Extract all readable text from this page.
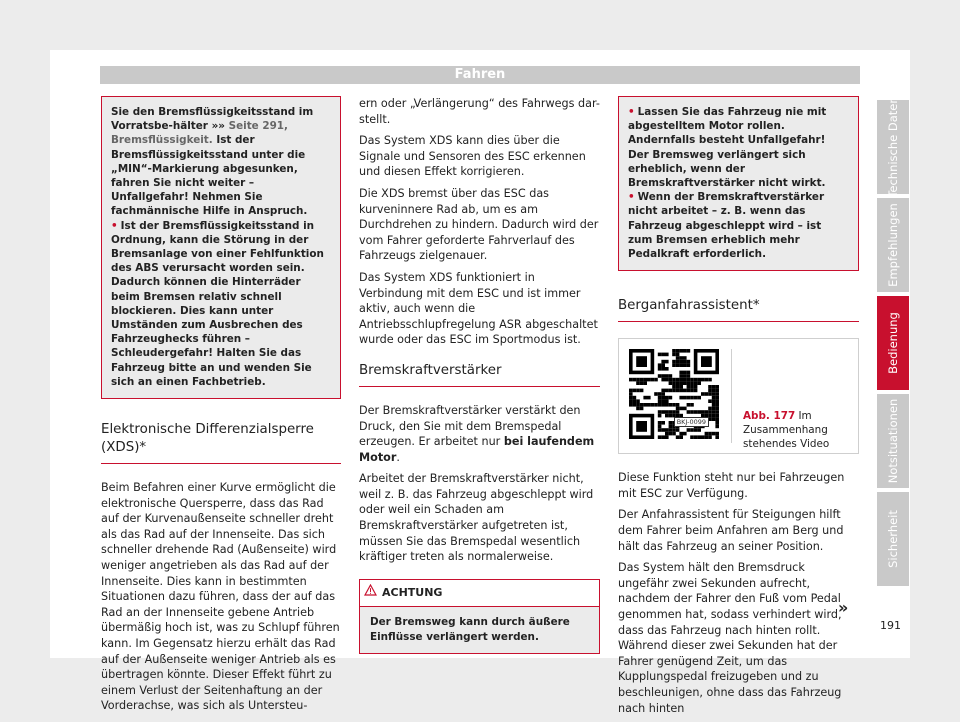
Fahren

Sie den Bremsflüssigkeitsstand im Vorratsbe-hälter »» Seite 291, Bremsflüssigkeit. Ist der Bremsflüssigkeitsstand unter die „MIN“-Markierung abgesunken, fahren Sie nicht weiter – Unfallgefahr! Nehmen Sie fachmännische Hilfe in Anspruch.

• Ist der Bremsflüssigkeitsstand in Ordnung, kann die Störung in der Bremsanlage von einer Fehlfunktion des ABS verursacht worden sein. Dadurch können die Hinterräder beim Bremsen relativ schnell blockieren. Dies kann unter Umständen zum Ausbrechen des Fahrzeughecks führen – Schleudergefahr! Halten Sie das Fahrzeug bitte an und wenden Sie sich an einen Fachbetrieb.

Elektronische Differenzialsperre (XDS)*

Beim Befahren einer Kurve ermöglicht die elektronische Quersperre, dass das Rad auf der Kurvenaußenseite schneller dreht als das Rad auf der Innenseite. Das sich schneller drehende Rad (Außenseite) wird weniger angetrieben als das Rad auf der Innenseite. Dies kann in bestimmten Situationen dazu führen, dass der auf das Rad an der Innenseite gebene Antrieb übermäßig hoch ist, was zu Schlupf führen kann. Im Gegensatz hierzu erhält das Rad auf der Außenseite weniger Antrieb als es übertragen könnte. Dieser Effekt führt zu einem Verlust der Seitenhaftung an der Vorderachse, was sich als Untersteu-

ern oder „Verlängerung“ des Fahrwegs dar-stellt.

Das System XDS kann dies über die Signale und Sensoren des ESC erkennen und diesen Effekt korrigieren.

Die XDS bremst über das ESC das kurveninnere Rad ab, um es am Durchdrehen zu hindern. Dadurch wird der vom Fahrer geforderte Fahrverlauf des Fahrzeugs zielgenauer.

Das System XDS funktioniert in Verbindung mit dem ESC und ist immer aktiv, auch wenn die Antriebsschlupfregelung ASR abgeschaltet wurde oder das ESC im Sportmodus ist.

Bremskraftverstärker

Der Bremskraftverstärker verstärkt den Druck, den Sie mit dem Bremspedal erzeugen. Er arbeitet nur bei laufendem Motor.

Arbeitet der Bremskraftverstärker nicht, weil z. B. das Fahrzeug abgeschleppt wird oder weil ein Schaden am Bremskraftverstärker aufgetreten ist, müssen Sie das Bremspedal wesentlich kräftiger treten als normalerweise.

ACHTUNG
Der Bremsweg kann durch äußere Einflüsse verlängert werden.

• Lassen Sie das Fahrzeug nie mit abgestelltem Motor rollen. Andernfalls besteht Unfallgefahr! Der Bremsweg verlängert sich erheblich, wenn der Bremskraftverstärker nicht wirkt.

• Wenn der Bremskraftverstärker nicht arbeitet – z. B. wenn das Fahrzeug abgeschleppt wird – ist zum Bremsen erheblich mehr Pedalkraft erforderlich.

Berganfahrassistent*
BKJ-0099	Abb. 177 Im Zusammenhang stehendes Video

Diese Funktion steht nur bei Fahrzeugen mit ESC zur Verfügung.

Der Anfahrassistent für Steigungen hilft dem Fahrer beim Anfahren am Berg und hält das Fahrzeug an seiner Position.

Das System hält den Bremsdruck ungefähr zwei Sekunden aufrecht, nachdem der Fahrer den Fuß vom Pedal genommen hat, sodass verhindert wird, dass das Fahrzeug nach hinten rollt. Während dieser zwei Sekunden hat der Fahrer genügend Zeit, um das Kupplungspedal freizugeben und zu beschleunigen, ohne dass das Fahrzeug nach hinten

Technische Daten
Empfehlungen
Bedienung
Notsituationen
Sicherheit
»
191
